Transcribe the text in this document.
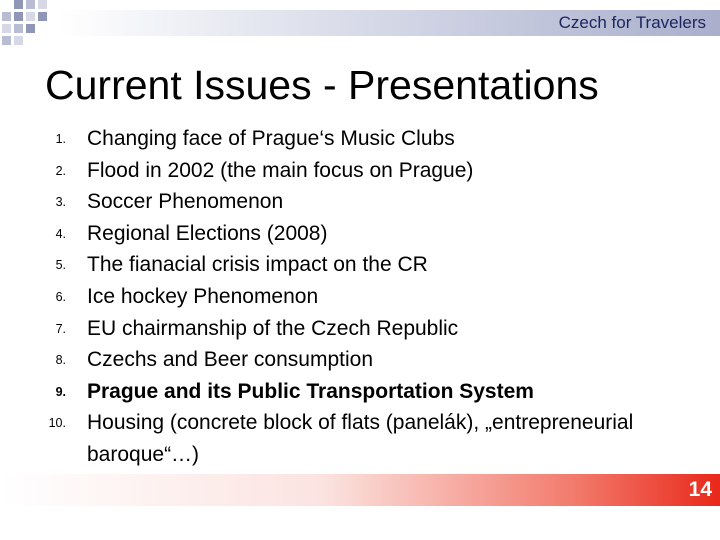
Czech for Travelers
Current Issues - Presentations
1. Changing face of Prague‘s Music Clubs
2. Flood in 2002 (the main focus on Prague)
3. Soccer Phenomenon
4. Regional Elections (2008)
5. The fianacial crisis impact on the CR
6. Ice hockey Phenomenon
7. EU chairmanship of the Czech Republic
8. Czechs and Beer consumption
9. Prague and its Public Transportation System
10. Housing (concrete block of flats (panelák), „entrepreneurial baroque“…)
14
